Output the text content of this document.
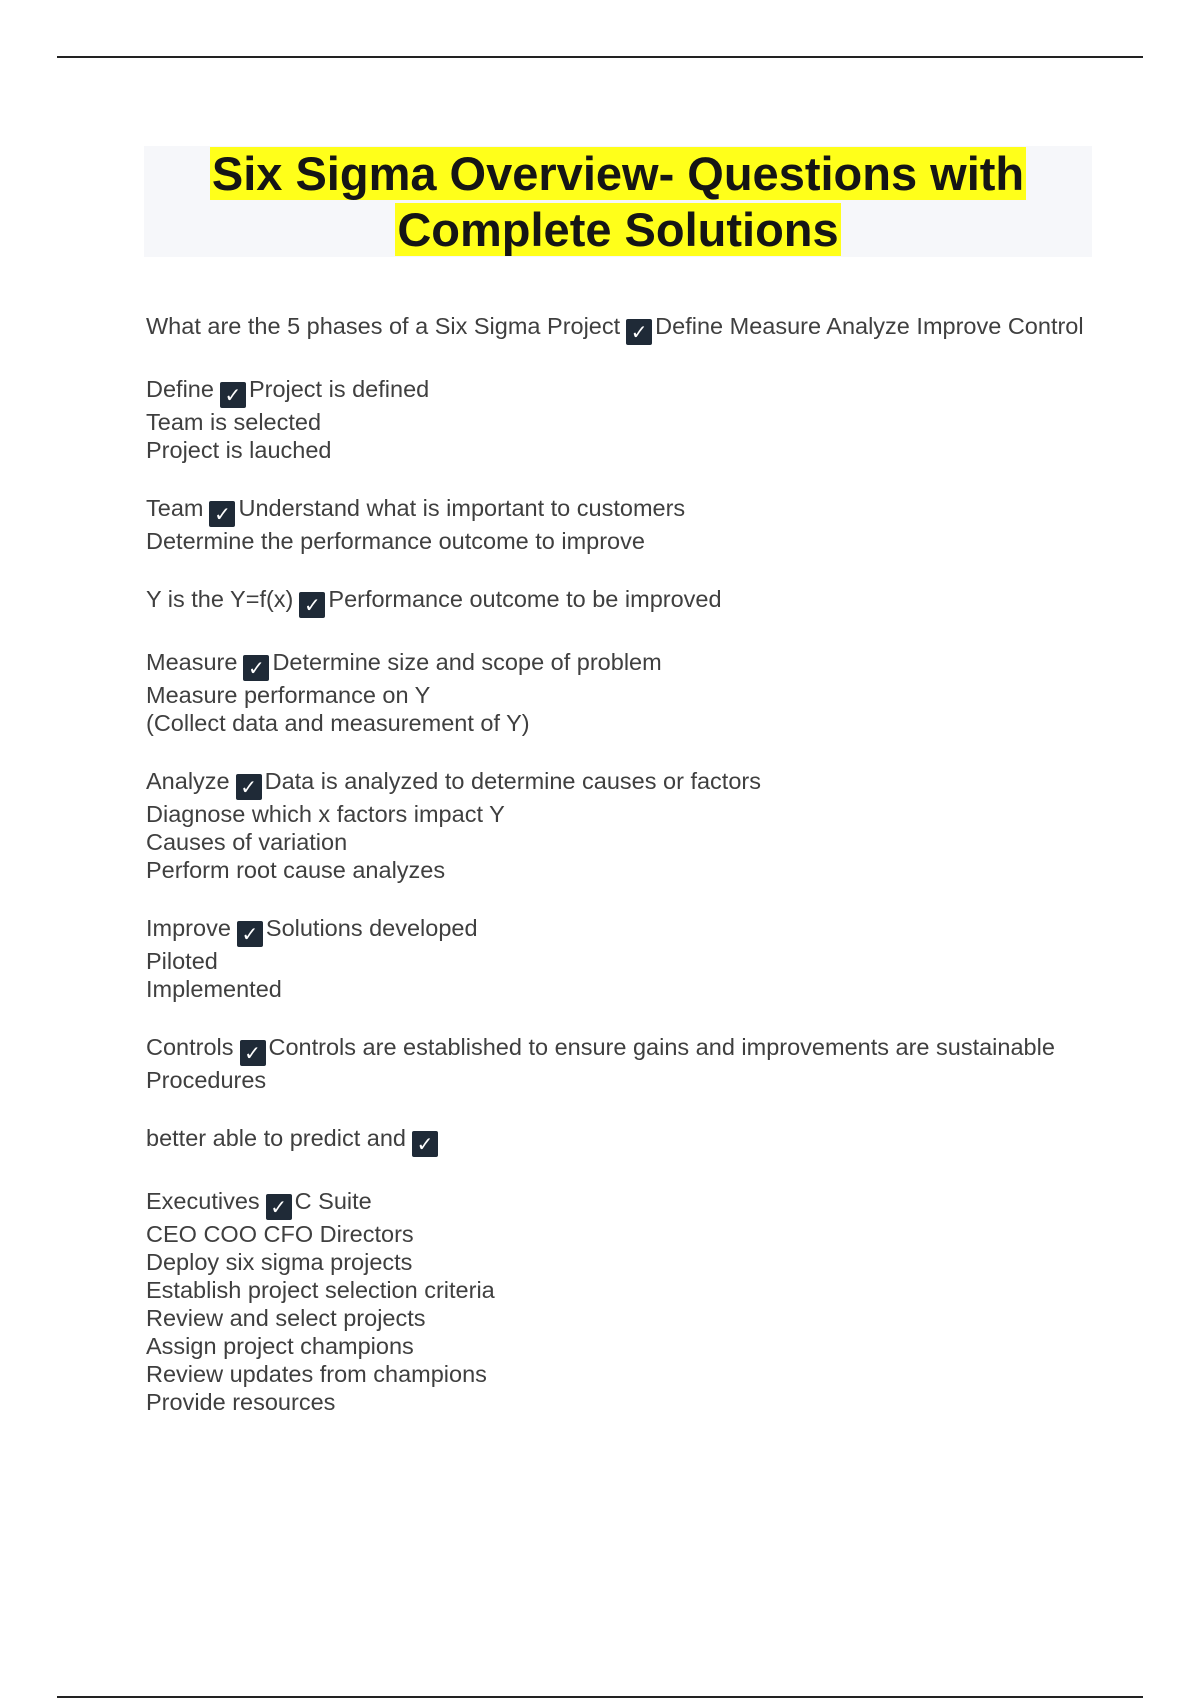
Six Sigma Overview- Questions with
Complete Solutions
What are the 5 phases of a Six Sigma Project ✓ Define Measure Analyze Improve Control
Define ✓ Project is defined
Team is selected
Project is lauched
Team ✓ Understand what is important to customers
Determine the performance outcome to improve
Y is the Y=f(x) ✓ Performance outcome to be improved
Measure ✓ Determine size and scope of problem
Measure performance on Y
(Collect data and measurement of Y)
Analyze ✓ Data is analyzed to determine causes or factors
Diagnose which x factors impact Y
Causes of variation
Perform root cause analyzes
Improve ✓ Solutions developed
Piloted
Implemented
Controls ✓ Controls are established to ensure gains and improvements are sustainable
Procedures
better able to predict and ✓
Executives ✓ C Suite
CEO COO CFO Directors
Deploy six sigma projects
Establish project selection criteria
Review and select projects
Assign project champions
Review updates from champions
Provide resources
